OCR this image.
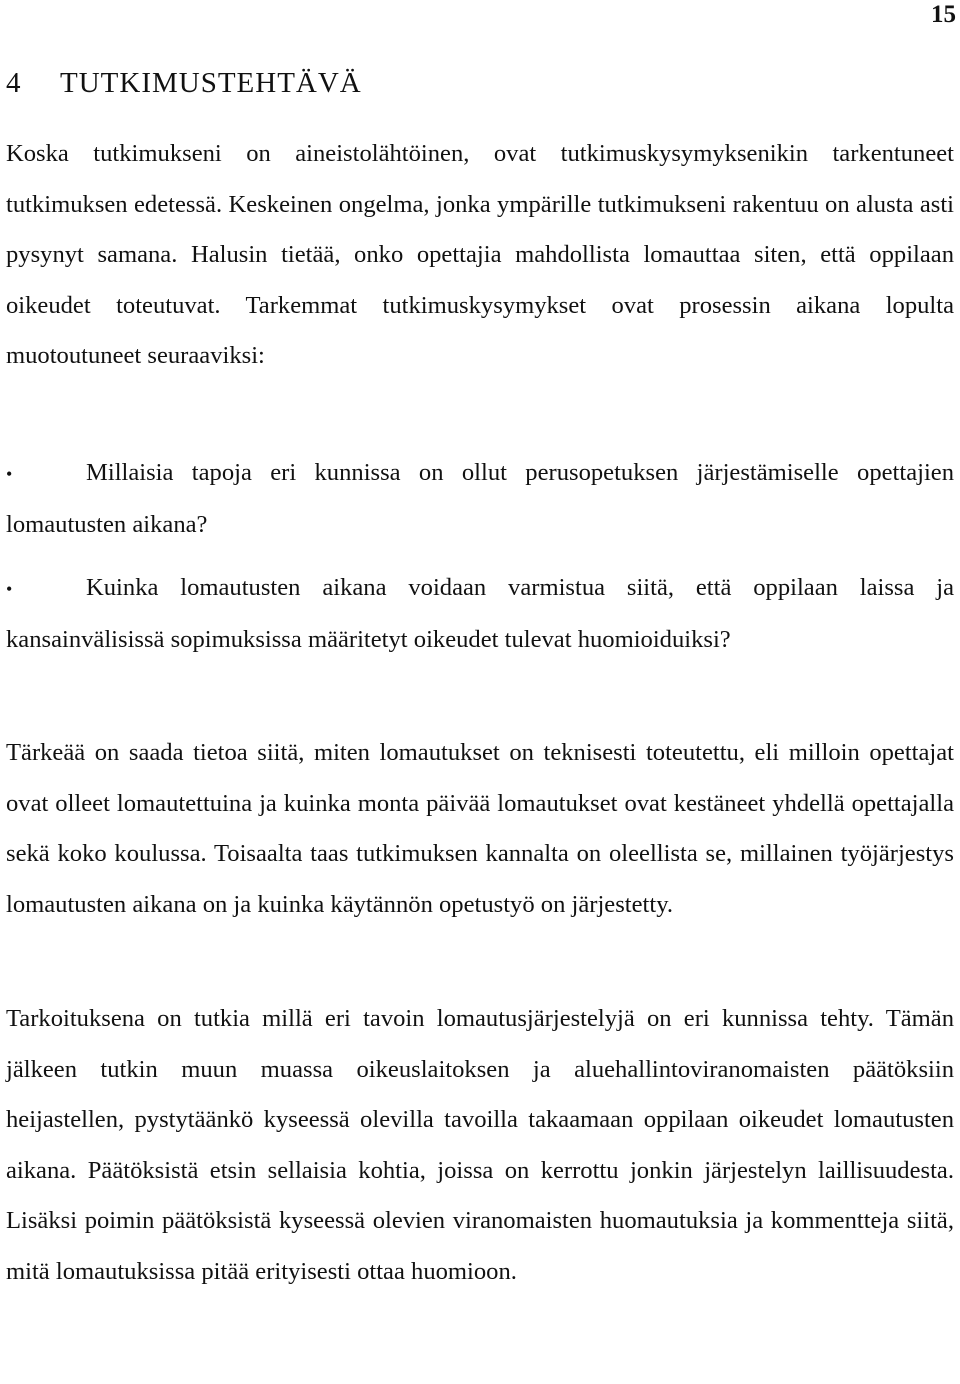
15
4 TUTKIMUSTEHTÄVÄ

Koska tutkimukseni on aineistolähtöinen, ovat tutkimuskysymyksenikin tarkentuneet tutkimuksen edetessä. Keskeinen ongelma, jonka ympärille tutkimukseni rakentuu on alusta asti pysynyt samana. Halusin tietää, onko opettajia mahdollista lomauttaa siten, että oppilaan oikeudet toteutuvat. Tarkemmat tutkimuskysymykset ovat prosessin aikana lopulta muotoutuneet seuraaviksi:

•	Millaisia tapoja eri kunnissa on ollut perusopetuksen järjestämiselle opettajien lomautusten aikana?

•	Kuinka lomautusten aikana voidaan varmistua siitä, että oppilaan laissa ja kansainvälisissä sopimuksissa määritetyt oikeudet tulevat huomioiduiksi?

Tärkeää on saada tietoa siitä, miten lomautukset on teknisesti toteutettu, eli milloin opettajat ovat olleet lomautettuina ja kuinka monta päivää lomautukset ovat kestäneet yhdellä opettajalla sekä koko koulussa. Toisaalta taas tutkimuksen kannalta on oleellista se, millainen työjärjestys lomautusten aikana on ja kuinka käytännön opetustyö on järjestetty.

Tarkoituksena on tutkia millä eri tavoin lomautusjärjestelyjä on eri kunnissa tehty. Tämän jälkeen tutkin muun muassa oikeuslaitoksen ja aluehallintoviranomaisten päätöksiin heijastellen, pystytäänkö kyseessä olevilla tavoilla takaamaan oppilaan oikeudet lomautusten aikana. Päätöksistä etsin sellaisia kohtia, joissa on kerrottu jonkin järjestelyn laillisuudesta. Lisäksi poimin päätöksistä kyseessä olevien viranomaisten huomautuksia ja kommentteja siitä, mitä lomautuksissa pitää erityisesti ottaa huomioon.
